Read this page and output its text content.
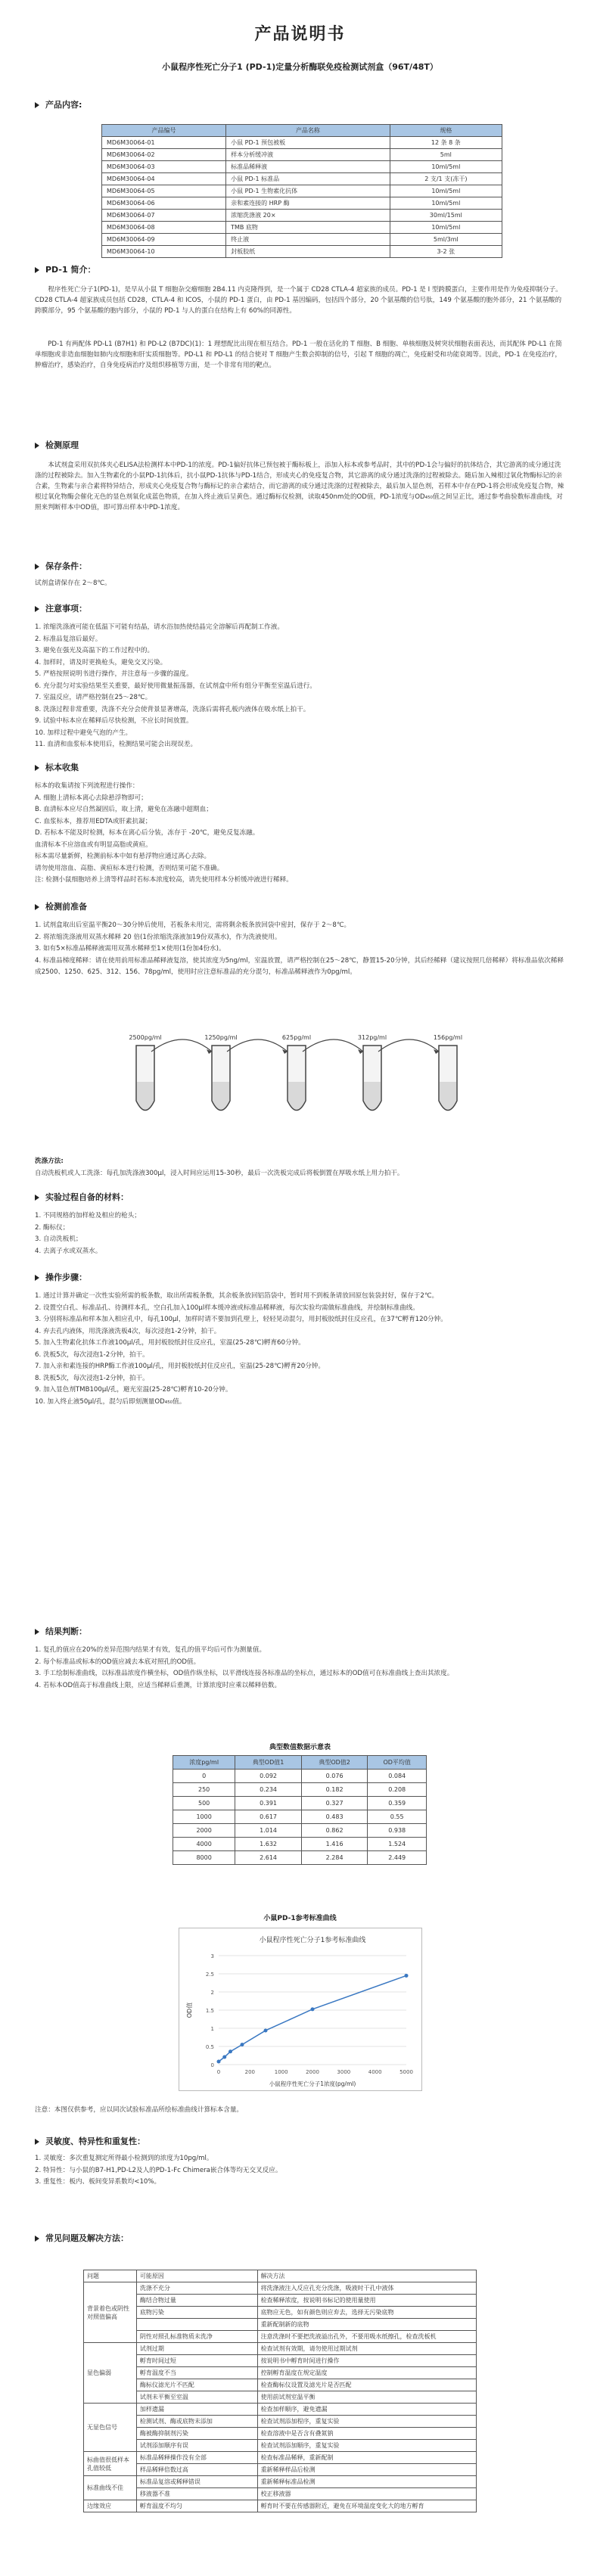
产品说明书
小鼠程序性死亡分子1 (PD-1)定量分析酶联免疫检测试剂盒（96T/48T）
产品内容:
产品编号	产品名称	规格
MD6M30064-01	小鼠 PD-1 预包被板	12 条 8 条
MD6M30064-02	样本分析缓冲液	5ml
MD6M30064-03	标准品稀释液	10ml/5ml
MD6M30064-04	小鼠 PD-1 标准品	2 支/1 支(冻干)
MD6M30064-05	小鼠 PD-1 生物素化抗体	10ml/5ml
MD6M30064-06	亲和素连接的 HRP 酶	10ml/5ml
MD6M30064-07	浓缩洗涤液 20×	30ml/15ml
MD6M30064-08	TMB 底物	10ml/5ml
MD6M30064-09	终止液	5ml/3ml
MD6M30064-10	封板胶纸	3-2 张
PD-1 简介：
程序性死亡分子1(PD-1)，是早从小鼠 T 细胞杂交瘤细胞 2B4.11 内克隆得到，是一个属于 CD28 CTLA-4 超家族的成员。PD-1 是 I 型跨膜蛋白，主要作用是作为免疫抑制分子。CD28 CTLA-4 超家族成员包括 CD28，CTLA-4 和 ICOS，小鼠的 PD-1 蛋白，由 PD-1 基因编码，包括四个部分，20 个氨基酸的信号肽，149 个氨基酸的胞外部分，21 个氨基酸的跨膜部分，95 个氨基酸的胞内部分，小鼠的 PD-1 与人的蛋白在结构上有 60%的同源性。
PD-1 有两配体 PD-L1 (B7H1) 和 PD-L2 (B7DC)(1)：1 理想配比出现在相互结合。PD-1 一般在活化的 T 细胞、B 细胞、单核细胞及树突状细胞表面表达，而其配体 PD-L1 在简单细胞或非造血细胞如肺内皮细胞和肝实质细胞等。PD-L1 和 PD-L1 的结合使对 T 细胞产生数会抑制的信号，引起 T 细胞的凋亡，免疫耐受和功能衰竭等。因此，PD-1 在免疫治疗，肿瘤治疗，感染治疗，自身免疫病治疗及组织移植等方面，是一个非常有用的靶点。
检测原理
本试剂盒采用双抗体夹心ELISA法检测样本中PD-1的浓度。PD-1偏好抗体已预包被于酶标板上，添加入标本或参考品时，其中的PD-1会与偏好的抗体结合，其它游离的成分通过洗涤的过程被除去。加入生物素化的小鼠PD-1抗体后，抗小鼠PD-1抗体与PD-1结合，形成夹心的免疫复合物，其它游离的成分通过洗涤的过程被除去。随后加入辣根过氧化物酶标记的亲合素，生物素与亲合素将特异结合，形成夹心免疫复合物与酶标记的亲合素结合，而它游离的成分通过洗涤的过程被除去，最后加入显色剂，若样本中存在PD-1将会形成免疫复合物，辣根过氧化物酶会催化无色的显色剂氧化成蓝色物质，在加入终止液后呈黄色。通过酶标仪检测，读取450nm处的OD值，PD-1浓度与OD₄₅₀值之间呈正比，通过参考曲验数标准曲线，对照来判断样本中OD值，即可算出样本中PD-1浓度。
保存条件：
试剂盒请保存在 2～8℃。
注意事项：
1. 浓缩洗涤液可能在低温下可能有结晶，请水浴加热使结晶完全溶解后再配制工作液。
2. 标准品复溶后最好。
3. 避免在强光及高温下的工作过程中的。
4. 加样时，请及时更换枪头，避免交叉污染。
5. 严格按照说明书进行操作，并注意每一步骤的温度。
6. 充分混匀对实验结果至关重要，最好使用微量振荡器，在试剂盒中所有组分平衡至室温后进行。
7. 室温反应，请严格控制在25～28℃。
8. 洗涤过程非常重要，洗涤不充分会使背景显著增高，洗涤后需将孔板内液体在吸水纸上拍干。
9. 试验中标本应在稀释后尽快检测，不应长时间放置。
10. 加样过程中避免气泡的产生。
11. 血清和血浆标本使用后，检测结果可能会出现误差。
标本收集
标本的收集请按下列流程进行操作：
A. 细胞上清标本离心去除悬浮物即可；
B. 血清标本应尽自然凝固后，取上清，避免在冻融中超期血；
C. 血浆标本，推荐用EDTA或肝素抗凝；
D. 若标本不能及时检测，标本在离心后分装，冻存于 -20℃，避免反复冻融。
血清标本不应溶血或有明显高脂或黄疸。
标本需尽量新鲜，检测前标本中如有悬浮物应通过离心去除。
请勿使用溶血、高脂、黄疸标本进行检测，否则结果可能不准确。
注: 检测小鼠细胞培养上清等样品时若标本浓度较高，请先使用样本分析缓冲液进行稀释。
检测前准备
1. 试剂盒取出后室温平衡20～30分钟后使用，若板条未用完，需将剩余板条放回袋中密封，保存于 2～8℃。
2. 将浓缩洗涤液用双蒸水稀释 20 倍(1份浓缩洗涤液加19份双蒸水)，作为洗液使用。
3. 如有5×标准品稀释液需用双蒸水稀释至1×使用(1份加4份水)。
4. 标准品梯度稀释：请在使用前用标准品稀释液复溶，使其浓度为5ng/ml，室温放置，请严格控制在25～28℃，静置15-20分钟，其后经稀释（建议按照几倍稀释）将标准品依次稀释成2500、1250、625、312、156、78pg/ml，使用时应注意标准品的充分混匀，标准品稀释液作为0pg/ml。
2500pg/ml	1250pg/ml	625pg/ml	312pg/ml	156pg/ml
洗涤方法:
自动洗板机或人工洗涤：每孔加洗涤液300μl，浸入时间应运用15-30秒，最后一次洗板完成后将板倒置在厚吸水纸上用力拍干。
实验过程自备的材料：
1. 不同规格的加样枪及相应的枪头；
2. 酶标仪；
3. 自动洗板机；
4. 去离子水或双蒸水。
操作步骤：
1. 通过计算并确定一次性实验所需的板条数，取出所需板条数，其余板条放回铝箔袋中，暂时用不到板条请放回原包装袋封好，保存于2℃。
2. 设置空白孔、标准品孔、待测样本孔，空白孔加入100μl样本缓冲液或标准品稀释液，每次实验均需做标准曲线，并绘制标准曲线。
3. 分别将标准品和样本加入相应孔中，每孔100μl，加样时请不要加到孔壁上，轻轻晃动混匀，用封板胶纸封住反应孔，在37℃孵育120分钟。
4. 弃去孔内液体，用洗涤液洗板4次，每次浸泡1-2分钟，拍干。
5. 加入生物素化抗体工作液100μl/孔，用封板胶纸封住反应孔，室温(25-28℃)孵育60分钟。
6. 洗板5次，每次浸泡1-2分钟，拍干。
7. 加入亲和素连接的HRP酶工作液100μl/孔，用封板胶纸封住反应孔，室温(25-28℃)孵育20分钟。
8. 洗板5次，每次浸泡1-2分钟，拍干。
9. 加入显色剂TMB100μl/孔，避光室温(25-28℃)孵育10-20分钟。
10. 加入终止液50μl/孔，混匀后即刻测量OD₄₅₀值。
结果判断：
1. 复孔的值应在20%的差异范围内结果才有效，复孔的值平均后可作为测量值。
2. 每个标准品或标本的OD值应减去本底对照孔的OD值。
3. 手工绘制标准曲线，以标准品浓度作横坐标，OD值作纵坐标，以平滑线连接各标准品的坐标点，通过标本的OD值可在标准曲线上查出其浓度。
4. 若标本OD值高于标准曲线上限，应适当稀释后重测，计算浓度时应乘以稀释倍数。
典型数值数据示意表
浓度pg/ml	典型OD值1	典型OD值2	OD平均值
0	0.092	0.076	0.084
250	0.234	0.182	0.208
500	0.391	0.327	0.359
1000	0.617	0.483	0.55
2000	1.014	0.862	0.938
4000	1.632	1.416	1.524
8000	2.614	2.284	2.449
小鼠PD-1参考标准曲线
小鼠程序性死亡分子1参考标准曲线
0
0.5
1
1.5
2
2.5
3
0	200	1000	2000	3000	4000	5000
小鼠程序性死亡分子1浓度(pg/ml)
OD值
注意：本图仅供参考，应以同次试验标准品所绘标准曲线计算标本含量。
灵敏度、特异性和重复性：
1. 灵敏度：多次重复测定所得最小检测到的浓度为10pg/ml。
2. 特异性：与小鼠的B7-H1,PD-L2及人的PD-1-Fc Chimera嵌合体等均无交叉反应。
3. 重复性：板内、板间变异系数均<10%。
常见问题及解决方法：
问题	可能原因	解决方法
背景着色或阴性对照值偏高	洗涤不充分	将洗涤液注入反应孔充分洗涤，吸液时干孔中液体
	酶结合物过量	检查稀释浓度，按说明书标记的使用量使用
	底物污染	底物应无色，如有颜色则应弃去，选择无污染底物
		重新配制新的底物
	阴性对照孔标准物质未洗净	注意洗涤时不要把洗液溢出孔外，不要用吸水纸擦孔，检查洗板机
显色偏弱	试剂过期	检查试剂有效期，请勿使用过期试剂
	孵育时间过短	按说明书中孵育时间进行操作
	孵育温度不当	控制孵育温度在规定温度
	酶标仪滤光片不匹配	检查酶标仪设置及滤光片是否匹配
	试剂未平衡至室温	使用前试剂室温平衡
无显色信号	加样遗漏	检查加样顺序，避免遗漏
	检测试剂、酶或底物未添加	检查试剂添加程序，重复实验
	酶被酶抑制剂污染	检查溶液中是否含有叠氮钠
	试剂添加顺序有误	检查试剂添加顺序，重复实验
标曲值很低样本孔值较低	标准品稀释操作没有全部	检查标准品稀释，重新配制
	样品稀释倍数过高	重新稀释样品后检测
标准曲线不佳	标准品复溶或稀释错误	重新稀释标准品检测
	移液器不准	校正移液器
边缘效应	孵育温度不均匀	孵育时不要在传感器附近，避免在环境温度变化大的地方孵育
